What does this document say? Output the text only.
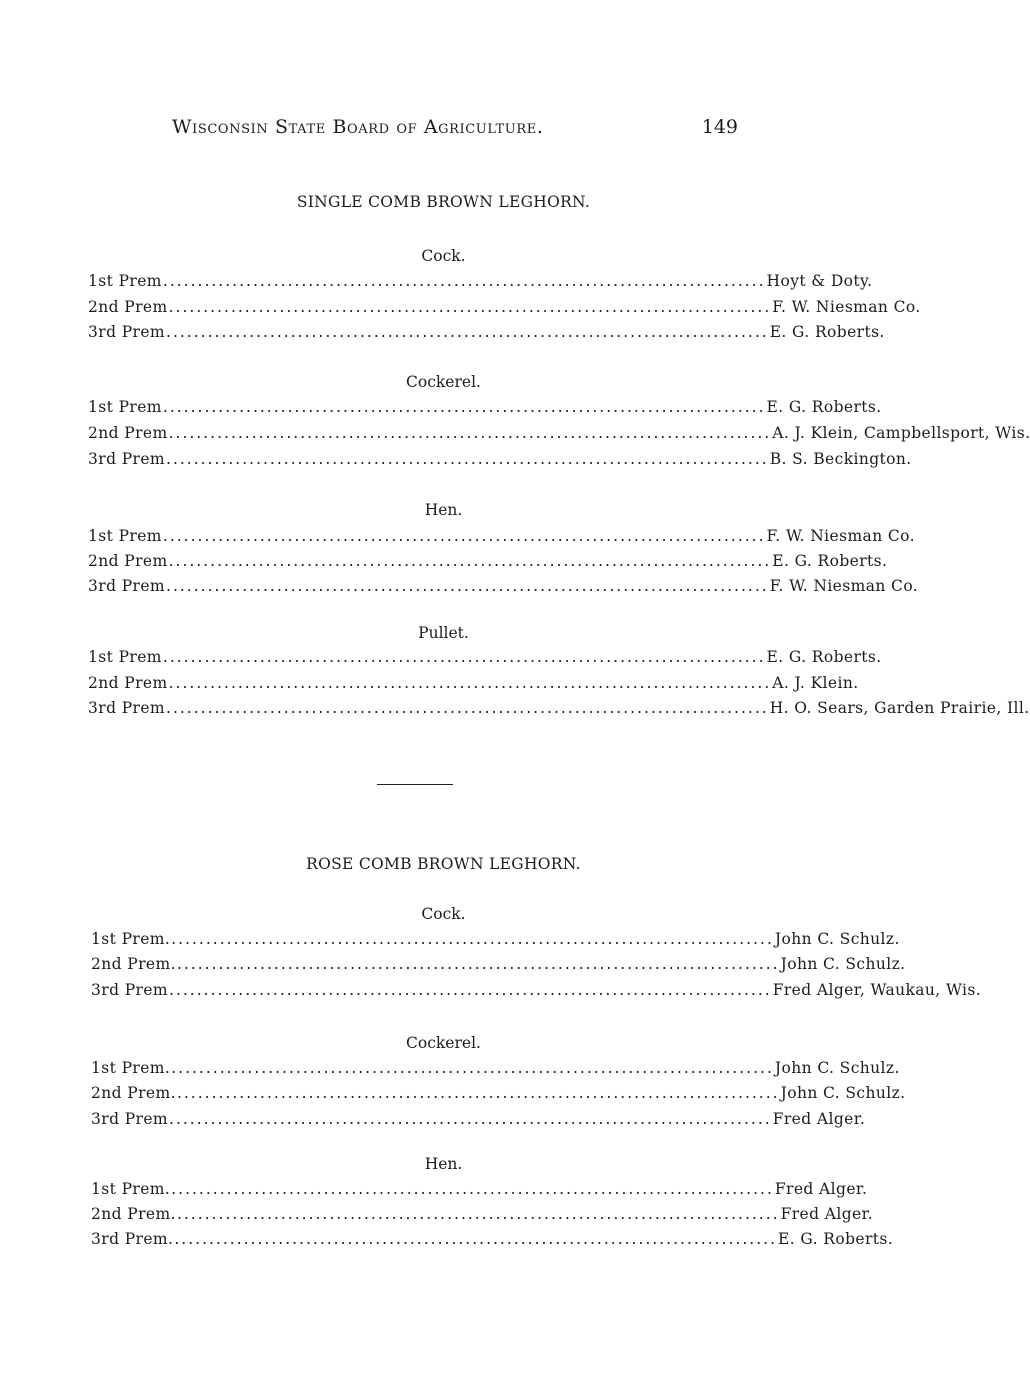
Wisconsin State Board of Agriculture.	149
SINGLE COMB BROWN LEGHORN.
Cock.
1st Prem ....................................................................................... Hoyt & Doty.
2nd Prem ....................................................................................... F. W. Niesman Co.
3rd Prem ....................................................................................... E. G. Roberts.
Cockerel.
1st Prem ....................................................................................... E. G. Roberts.
2nd Prem ....................................................................................... A. J. Klein, Campbellsport, Wis.
3rd Prem ....................................................................................... B. S. Beckington.
Hen.
1st Prem ....................................................................................... F. W. Niesman Co.
2nd Prem ....................................................................................... E. G. Roberts.
3rd Prem ....................................................................................... F. W. Niesman Co.
Pullet.
1st Prem ....................................................................................... E. G. Roberts.
2nd Prem ....................................................................................... A. J. Klein.
3rd Prem ....................................................................................... H. O. Sears, Garden Prairie, Ill.
ROSE COMB BROWN LEGHORN.
Cock.
1st Prem. ....................................................................................... John C. Schulz.
2nd Prem. ....................................................................................... John C. Schulz.
3rd Prem ....................................................................................... Fred Alger, Waukau, Wis.
Cockerel.
1st Prem. ....................................................................................... John C. Schulz.
2nd Prem. ....................................................................................... John C. Schulz.
3rd Prem ....................................................................................... Fred Alger.
Hen.
1st Prem. ....................................................................................... Fred Alger.
2nd Prem. ....................................................................................... Fred Alger.
3rd Prem. ....................................................................................... E. G. Roberts.
